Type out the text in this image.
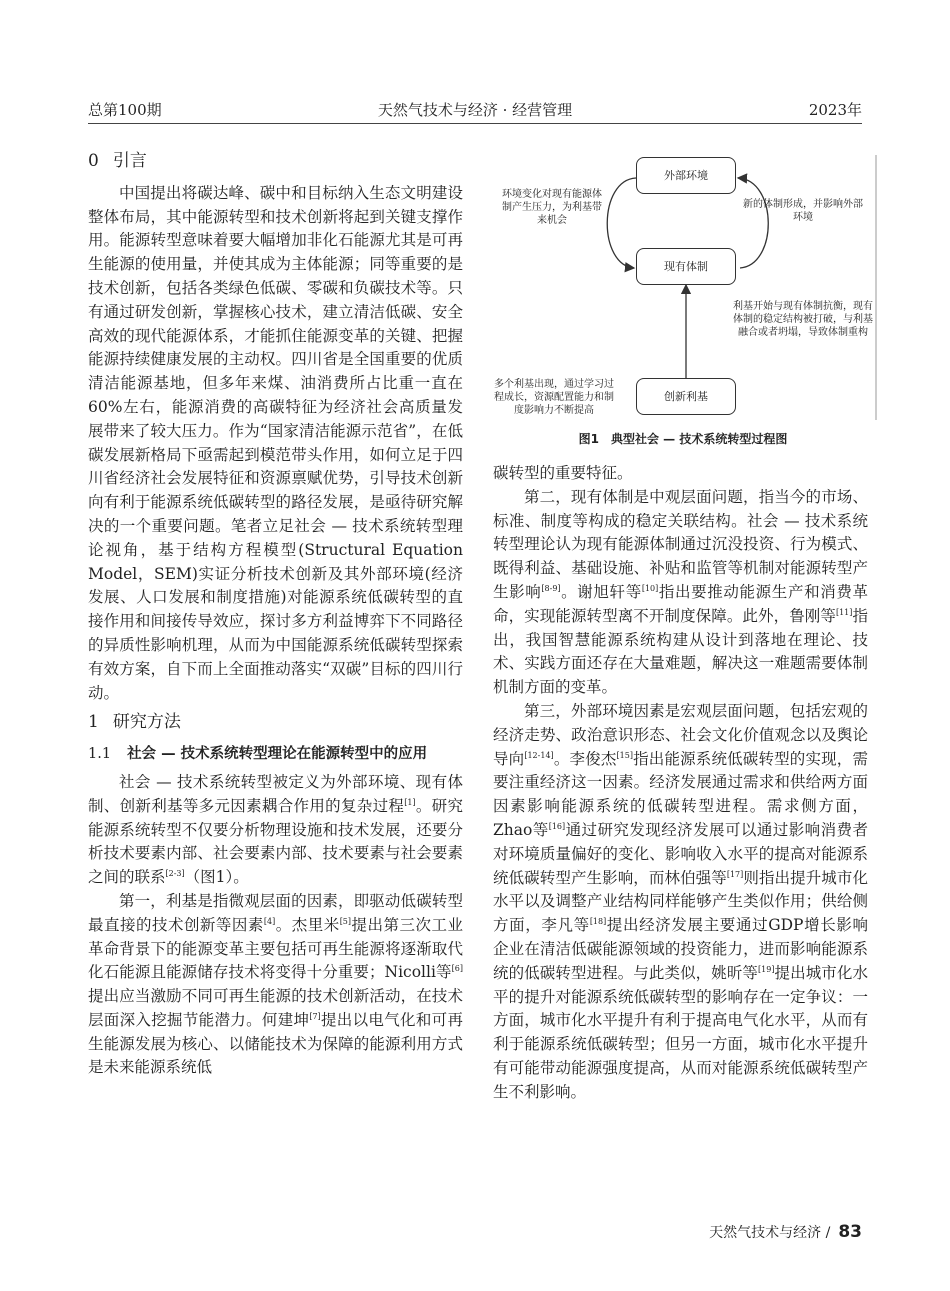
总第100期	天然气技术与经济 · 经营管理	2023年
0 引言

中国提出将碳达峰、碳中和目标纳入生态文明建设整体布局，其中能源转型和技术创新将起到关键支撑作用。能源转型意味着要大幅增加非化石能源尤其是可再生能源的使用量，并使其成为主体能源；同等重要的是技术创新，包括各类绿色低碳、零碳和负碳技术等。只有通过研发创新，掌握核心技术，建立清洁低碳、安全高效的现代能源体系，才能抓住能源变革的关键、把握能源持续健康发展的主动权。四川省是全国重要的优质清洁能源基地，但多年来煤、油消费所占比重一直在60%左右，能源消费的高碳特征为经济社会高质量发展带来了较大压力。作为“国家清洁能源示范省”，在低碳发展新格局下亟需起到模范带头作用，如何立足于四川省经济社会发展特征和资源禀赋优势，引导技术创新向有利于能源系统低碳转型的路径发展，是亟待研究解决的一个重要问题。笔者立足社会 — 技术系统转型理论视角，基于结构方程模型(Structural Equation Model，SEM)实证分析技术创新及其外部环境(经济发展、人口发展和制度措施)对能源系统低碳转型的直接作用和间接传导效应，探讨多方利益博弈下不同路径的异质性影响机理，从而为中国能源系统低碳转型探索有效方案，自下而上全面推动落实“双碳”目标的四川行动。

1 研究方法
1.1 社会 — 技术系统转型理论在能源转型中的应用

社会 — 技术系统转型被定义为外部环境、现有体制、创新利基等多元因素耦合作用的复杂过程[1]。研究能源系统转型不仅要分析物理设施和技术发展，还要分析技术要素内部、社会要素内部、技术要素与社会要素之间的联系[2-3]（图1）。

第一，利基是指微观层面的因素，即驱动低碳转型最直接的技术创新等因素[4]。杰里米[5]提出第三次工业革命背景下的能源变革主要包括可再生能源将逐渐取代化石能源且能源储存技术将变得十分重要；Nicolli等[6]提出应当激励不同可再生能源的技术创新活动，在技术层面深入挖掘节能潜力。何建坤[7]提出以电气化和可再生能源发展为核心、以储能技术为保障的能源利用方式是未来能源系统低

外部环境
现有体制
创新利基
环境变化对现有能源体制产生压力，为利基带来机会
新的体制形成，并影响外部环境
利基开始与现有体制抗衡，现有体制的稳定结构被打破，与利基融合或者坍塌，导致体制重构
多个利基出现，通过学习过程成长，资源配置能力和制度影响力不断提高
图1　典型社会 — 技术系统转型过程图

碳转型的重要特征。

第二，现有体制是中观层面问题，指当今的市场、标准、制度等构成的稳定关联结构。社会 — 技术系统转型理论认为现有能源体制通过沉没投资、行为模式、既得利益、基础设施、补贴和监管等机制对能源转型产生影响[8-9]。谢旭轩等[10]指出要推动能源生产和消费革命，实现能源转型离不开制度保障。此外，鲁刚等[11]指出，我国智慧能源系统构建从设计到落地在理论、技术、实践方面还存在大量难题，解决这一难题需要体制机制方面的变革。

第三，外部环境因素是宏观层面问题，包括宏观的经济走势、政治意识形态、社会文化价值观念以及舆论导向[12-14]。李俊杰[15]指出能源系统低碳转型的实现，需要注重经济这一因素。经济发展通过需求和供给两方面因素影响能源系统的低碳转型进程。需求侧方面，Zhao等[16]通过研究发现经济发展可以通过影响消费者对环境质量偏好的变化、影响收入水平的提高对能源系统低碳转型产生影响，而林伯强等[17]则指出提升城市化水平以及调整产业结构同样能够产生类似作用；供给侧方面，李凡等[18]提出经济发展主要通过GDP增长影响企业在清洁低碳能源领域的投资能力，进而影响能源系统的低碳转型进程。与此类似，姚昕等[19]提出城市化水平的提升对能源系统低碳转型的影响存在一定争议：一方面，城市化水平提升有利于提高电气化水平，从而有利于能源系统低碳转型；但另一方面，城市化水平提升有可能带动能源强度提高，从而对能源系统低碳转型产生不利影响。

天然气技术与经济 / 83
